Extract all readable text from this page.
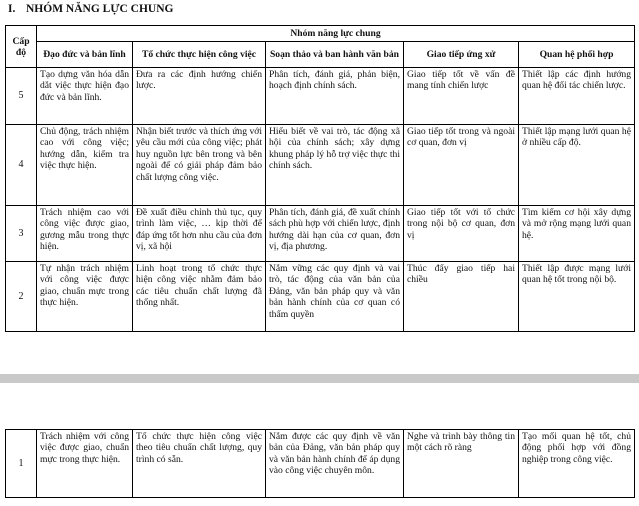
I. NHÓM NĂNG LỰC CHUNG
Cấp độ	Nhóm năng lực chung				
	Đạo đức và bản lĩnh	Tổ chức thực hiện công việc	Soạn thảo và ban hành văn bản	Giao tiếp ứng xử	Quan hệ phối hợp
5	Tạo dựng văn hóa dẫn dắt việc thực hiện đạo đức và bản lĩnh.	Đưa ra các định hướng chiến lược.	Phân tích, đánh giá, phản biện, hoạch định chính sách.	Giao tiếp tốt về vấn đề mang tính chiến lược	Thiết lập các định hướng quan hệ đối tác chiến lược.
4	Chủ động, trách nhiệm cao với công việc; hướng dẫn, kiểm tra việc thực hiện.	Nhận biết trước và thích ứng với yêu cầu mới của công việc; phát huy nguồn lực bên trong và bên ngoài để có giải pháp đảm bảo chất lượng công việc.	Hiểu biết về vai trò, tác động xã hội của chính sách; xây dựng khung pháp lý hỗ trợ việc thực thi chính sách.	Giao tiếp tốt trong và ngoài cơ quan, đơn vị	Thiết lập mạng lưới quan hệ ở nhiều cấp độ.
3	Trách nhiệm cao với công việc được giao, gương mẫu trong thực hiện.	Đề xuất điều chỉnh thủ tục, quy trình làm việc, … kịp thời để đáp ứng tốt hơn nhu cầu của đơn vị, xã hội	Phân tích, đánh giá, đề xuất chính sách phù hợp với chiến lược, định hướng dài hạn của cơ quan, đơn vị, địa phương.	Giao tiếp tốt với tổ chức trong nội bộ cơ quan, đơn vị	Tìm kiếm cơ hội xây dựng và mở rộng mạng lưới quan hệ.
2	Tự nhận trách nhiệm với công việc được giao, chuẩn mực trong thực hiện.	Linh hoạt trong tổ chức thực hiện công việc nhằm đảm bảo các tiêu chuẩn chất lượng đã thống nhất.	Nắm vững các quy định và vai trò, tác động của văn bản của Đảng, văn bản pháp quy và văn bản hành chính của cơ quan có thẩm quyền	Thúc đẩy giao tiếp hai chiều	Thiết lập được mạng lưới quan hệ tốt trong nội bộ.
1	Trách nhiệm với công việc được giao, chuẩn mực trong thực hiện.	Tổ chức thực hiện công việc theo tiêu chuẩn chất lượng, quy trình có sẵn.	Nắm được các quy định về văn bản của Đảng, văn bản pháp quy và văn bản hành chính để áp dụng vào công việc chuyên môn.	Nghe và trình bày thông tin một cách rõ ràng	Tạo mối quan hệ tốt, chủ động phối hợp với đồng nghiệp trong công việc.
